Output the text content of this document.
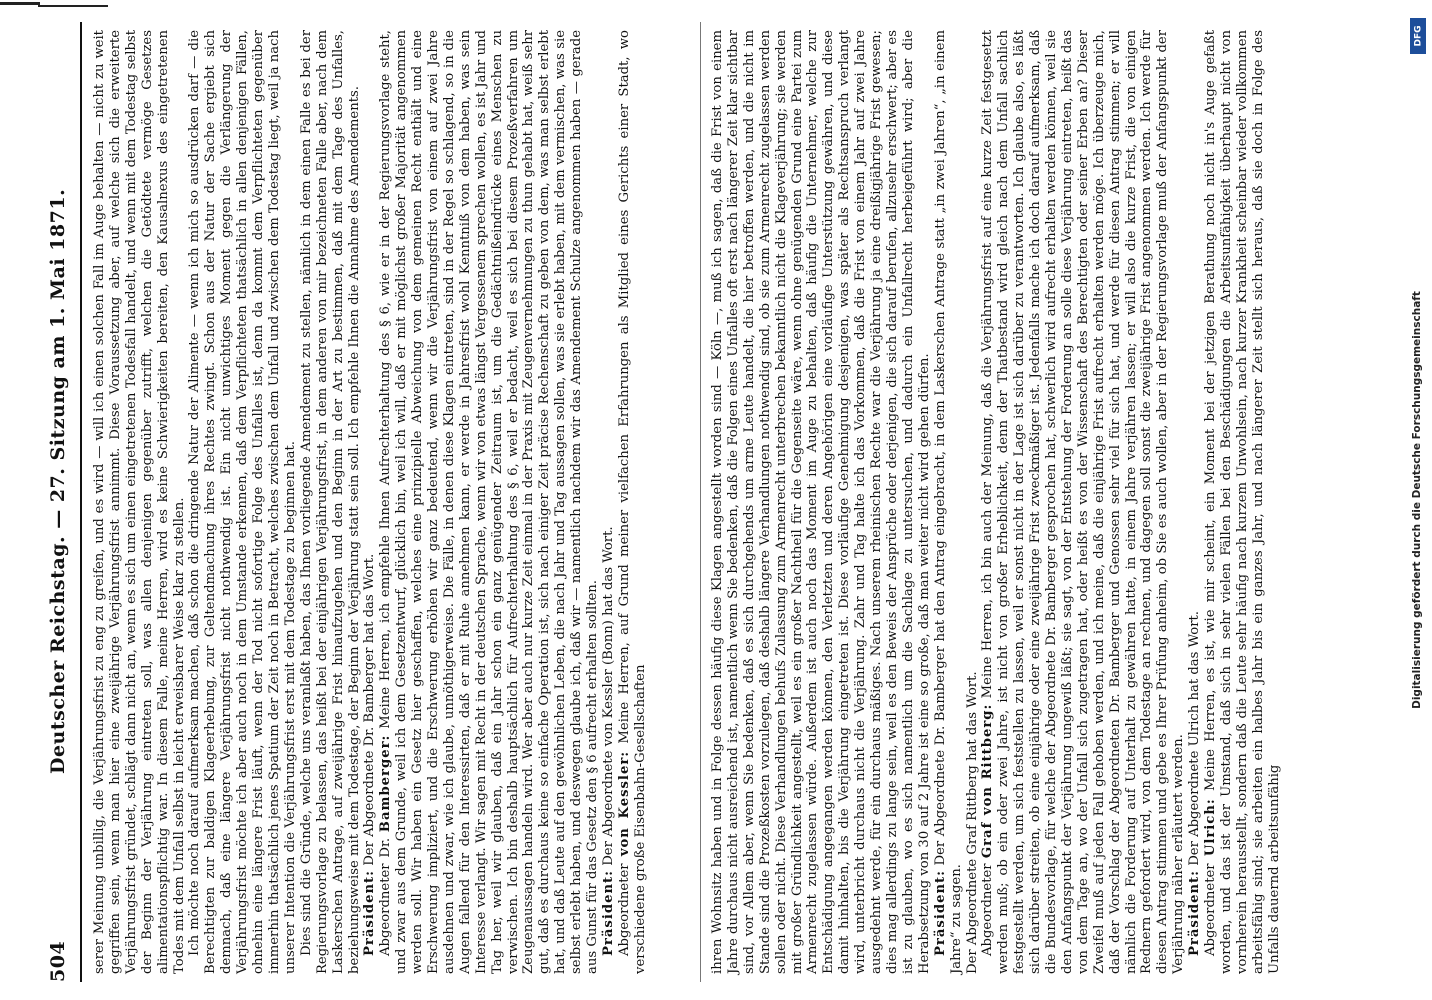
504
Deutscher Reichstag. — 27. Sitzung am 1. Mai 1871. serer Meinung unbillig, die Verjährungsfrist zu eng zu greifen, und es wird — will ich einen solchen Fall im Auge behalten — nicht zu weit gegriffen sein, wenn man hier eine zweijährige Verjährungsfrist annimmt. Diese Voraussetzung aber, auf welche sich die erweiterte Verjährungsfrist gründet, schlägt dann nicht an, wenn es sich um einen eingetretenen Todesfall handelt, und wenn mit dem Todestag selbst der Beginn der Verjährung eintreten soll, was allen denjenigen gegenüber zutrifft, welchen die Getödtete vermöge Gesetzes alimentationspflichtig war. In diesem Falle, meine Herren, wird es keine Schwierigkeiten bereiten, den Kausalnexus des eingetretenen Todes mit dem Unfall selbst in leicht erweisbarer Weise klar zu stellen. Ich möchte noch darauf aufmerksam machen, daß schon die dringende Natur der Alimente — wenn ich mich so ausdrücken darf — die Berechtigten zur baldigen Klageerhebung, zur Geltendmachung ihres Rechtes zwingt. Schon aus der Natur der Sache ergiebt sich demnach, daß eine längere Verjährungsfrist nicht nothwendig ist. Ein nicht unwichtiges Moment gegen die Verlängerung der Verjährungsfrist möchte ich aber auch noch in dem Umstande erkennen, daß dem Verpflichteten thatsächlich in allen denjenigen Fällen, ohnehin eine längere Frist läuft, wenn der Tod nicht sofortige Folge des Unfalles ist, denn da kommt dem Verpflichteten gegenüber immerhin thatsächlich jenes Spatium der Zeit noch in Betracht, welches zwischen dem Unfall und zwischen dem Todestag liegt, weil ja nach unserer Intention die Verjährungsfrist erst mit dem Todestage zu beginnen hat. Dies sind die Gründe, welche uns veranlaßt haben, das Ihnen vorliegende Amendement zu stellen, nämlich in dem einen Falle es bei der Regierungsvorlage zu belassen, das heißt bei der einjährigen Verjährungsfrist, in dem anderen von mir bezeichneten Falle aber, nach dem Laskerschen Antrage, auf zweijährige Frist hinaufzugehen und den Beginn in der Art zu bestimmen, daß mit dem Tage des Unfalles, beziehungsweise mit dem Todestage, der Beginn der Verjährung statt sein soll. Ich empfehle Ihnen die Annahme des Amendements. Präsident: Der Abgeordnete Dr. Bamberger hat das Wort.

Abgeordneter Dr. Bamberger: Meine Herren, ich empfehle Ihnen Aufrechterhaltung des § 6, wie er in der Regierungsvorlage steht, und zwar aus dem Grunde, weil ich dem Gesetzentwurf, glücklich bin, weil ich will, daß er mit möglichst großer Majorität angenommen werden soll. Wir haben ein Gesetz hier geschaffen, welches eine prinzipielle Abweichung von dem gemeinen Recht enthält und eine Erschwerung impliziert, und die Erschwerung erhöhen wir ganz bedeutend, wenn wir die Verjährungsfrist von einem auf zwei Jahre ausdehnen und zwar, wie ich glaube, unnöthigerweise. Die Fälle, in denen diese Klagen eintreten, sind in der Regel so schlagend, so in die Augen fallend für den Interessirten, daß er mit Ruhe annehmen kann, er werde in Jahresfrist wohl Kenntniß von dem haben, was sein Interesse verlangt. Wir sagen mit Recht in der deutschen Sprache, wenn wir von etwas längst Vergessenem sprechen wollen, es ist Jahr und Tag her, weil wir glauben, daß ein Jahr schon ein ganz genügender Zeitraum ist, um die Gedächtnißeindrücke eines Menschen zu verwischen. Ich bin deshalb hauptsächlich für Aufrechterhaltung des § 6, weil er bedacht, weil es sich bei diesem Prozeßverfahren um Zeugenaussagen handeln wird. Wer aber auch nur kurze Zeit einmal in der Praxis mit Zeugenvernehmungen zu thun gehabt hat, weiß sehr gut, daß es durchaus keine so einfache Operation ist, sich nach einiger Zeit präcise Rechenschaft zu geben von dem, was man selbst erlebt hat, und daß Leute auf den gewöhnlichen Leben, die nach Jahr und Tag aussagen sollen, was sie erlebt haben, mit dem vermischen, was sie selbst erlebt haben, und deswegen glaube ich, daß wir — namentlich nachdem wir das Amendement Schulze angenommen haben — gerade aus Gunst für das Gesetz den § 6 aufrecht erhalten sollten. Präsident: Der Abgeordnete von Kessler (Bonn) hat das Wort.

Abgeordneter von Kessler: Meine Herren, auf Grund meiner vielfachen Erfahrungen als Mitglied eines Gerichts einer Stadt, wo verschiedene große Eisenbahn-Gesellschaften	ihren Wohnsitz haben und in Folge dessen häufig diese Klagen angestellt worden sind — Köln —, muß ich sagen, daß die Frist von einem Jahre durchaus nicht ausreichend ist, namentlich wenn Sie bedenken, daß die Folgen eines Unfalles oft erst nach längerer Zeit klar sichtbar sind, vor Allem aber, wenn Sie bedenken, daß es sich durchgehends um arme Leute handelt, die hier betroffen werden, und die nicht im Stande sind die Prozeßkosten vorzulegen, daß deshalb längere Verhandlungen nothwendig sind, ob sie zum Armenrecht zugelassen werden sollen oder nicht. Diese Verhandlungen behufs Zulassung zum Armenrecht unterbrechen bekanntlich nicht die Klageverjährung; sie werden mit großer Gründlichkeit angestellt, weil es ein großer Nachtheil für die Gegenseite wäre, wenn ohne genügenden Grund eine Partei zum Armenrecht zugelassen würde. Außerdem ist auch noch das Moment im Auge zu behalten, daß häufig die Unternehmer, welche zur Entschädigung angegangen werden können, den Verletzten und deren Angehörigen eine vorläufige Unterstützung gewähren, und diese damit hinhalten, bis die Verjährung eingetreten ist. Diese vorläufige Genehmigung desjenigen, was später als Rechtsanspruch verlangt wird, unterbricht durchaus nicht die Verjährung. Zahr und Tag halte ich das Vorkommen, daß die Frist von einem Jahr auf zwei Jahre ausgedehnt werde, für ein durchaus mäßiges. Nach unserem rheinischen Rechte war die Verjährung ja eine dreißigjährige Frist gewesen; dies mag allerdings zu lange sein, weil es den Beweis der Ansprüche oder derjenigen, die sich darauf berufen, allzusehr erschwert; aber es ist zu glauben, wo es sich namentlich um die Sachlage zu untersuchen, und dadurch ein Unfallrecht herbeigeführt wird; aber die Herabsetzung von 30 auf 2 Jahre ist eine so große, daß man weiter nicht wird gehen dürfen. Präsident: Der Abgeordnete Dr. Bamberger hat den Antrag eingebracht, in dem Laskerschen Antrage statt „in zwei Jahren“, „in einem Jahre“ zu sagen. Der Abgeordnete Graf Rittberg hat das Wort. Abgeordneter Graf von Rittberg: Meine Herren, ich bin auch der Meinung, daß die Verjährungsfrist auf eine kurze Zeit festgesetzt werden muß; ob ein oder zwei Jahre, ist nicht von großer Erheblichkeit, denn der Thatbestand wird gleich nach dem Unfall sachlich festgestellt werden, um sich feststellen zu lassen, weil er sonst nicht in der Lage ist sich darüber zu verantworten. Ich glaube also, es läßt sich darüber streiten, ob eine einjährige oder eine zweijährige Frist zweckmäßiger ist. Jedenfalls mache ich doch darauf aufmerksam, daß die Bundesvorlage, für welche der Abgeordnete Dr. Bamberger gesprochen hat, schwerlich wird aufrecht erhalten werden können, weil sie den Anfangspunkt der Verjährung ungewiß läßt; sie sagt, von der Entstehung der Forderung an solle diese Verjährung eintreten, heißt das von dem Tage an, wo der Unfall sich zugetragen hat, oder heißt es von der Wissenschaft des Berechtigten oder seiner Erben an? Dieser Zweifel muß auf jeden Fall gehoben werden, und ich meine, daß die einjährige Frist aufrecht erhalten werden möge. Ich überzeuge mich, daß der Vorschlag der Abgeordneten Dr. Bamberger und Genossen sehr viel für sich hat, und werde für diesen Antrag stimmen; er will nämlich die Forderung auf Unterhalt zu gewähren hatte, in einem Jahre verjähren lassen; er will also die kurze Frist, die von einigen Rednern gefordert wird, von dem Todestage an rechnen, und dagegen soll sonst die zweijährige Frist angenommen werden. Ich werde für diesen Antrag stimmen und gebe es Ihrer Prüfung anheim, ob Sie es auch wollen, aber in der Regierungsvorlage muß der Anfangspunkt der Verjährung näher erläutert werden. Präsident: Der Abgeordnete Ulrich hat das Wort.

Abgeordneter Ulrich: Meine Herren, es ist, wie mir scheint, ein Moment bei der jetzigen Berathung noch nicht in's Auge gefaßt worden, und das ist der Umstand, daß sich in sehr vielen Fällen bei den Beschädigungen die Arbeitsunfähigkeit überhaupt nicht von vornherein herausstellt, sondern daß die Leute sehr häufig nach kurzem Unwohlsein, nach kurzer Krankheit scheinbar wieder vollkommen arbeitsfähig sind; sie arbeiten ein halbes Jahr bis ein ganzes Jahr, und nach längerer Zeit stellt sich heraus, daß sie doch in Folge des Unfalls dauernd arbeitsunfähig

Digitalisierung gefördert durch die Deutsche Forschungsgemeinschaft
DFG
